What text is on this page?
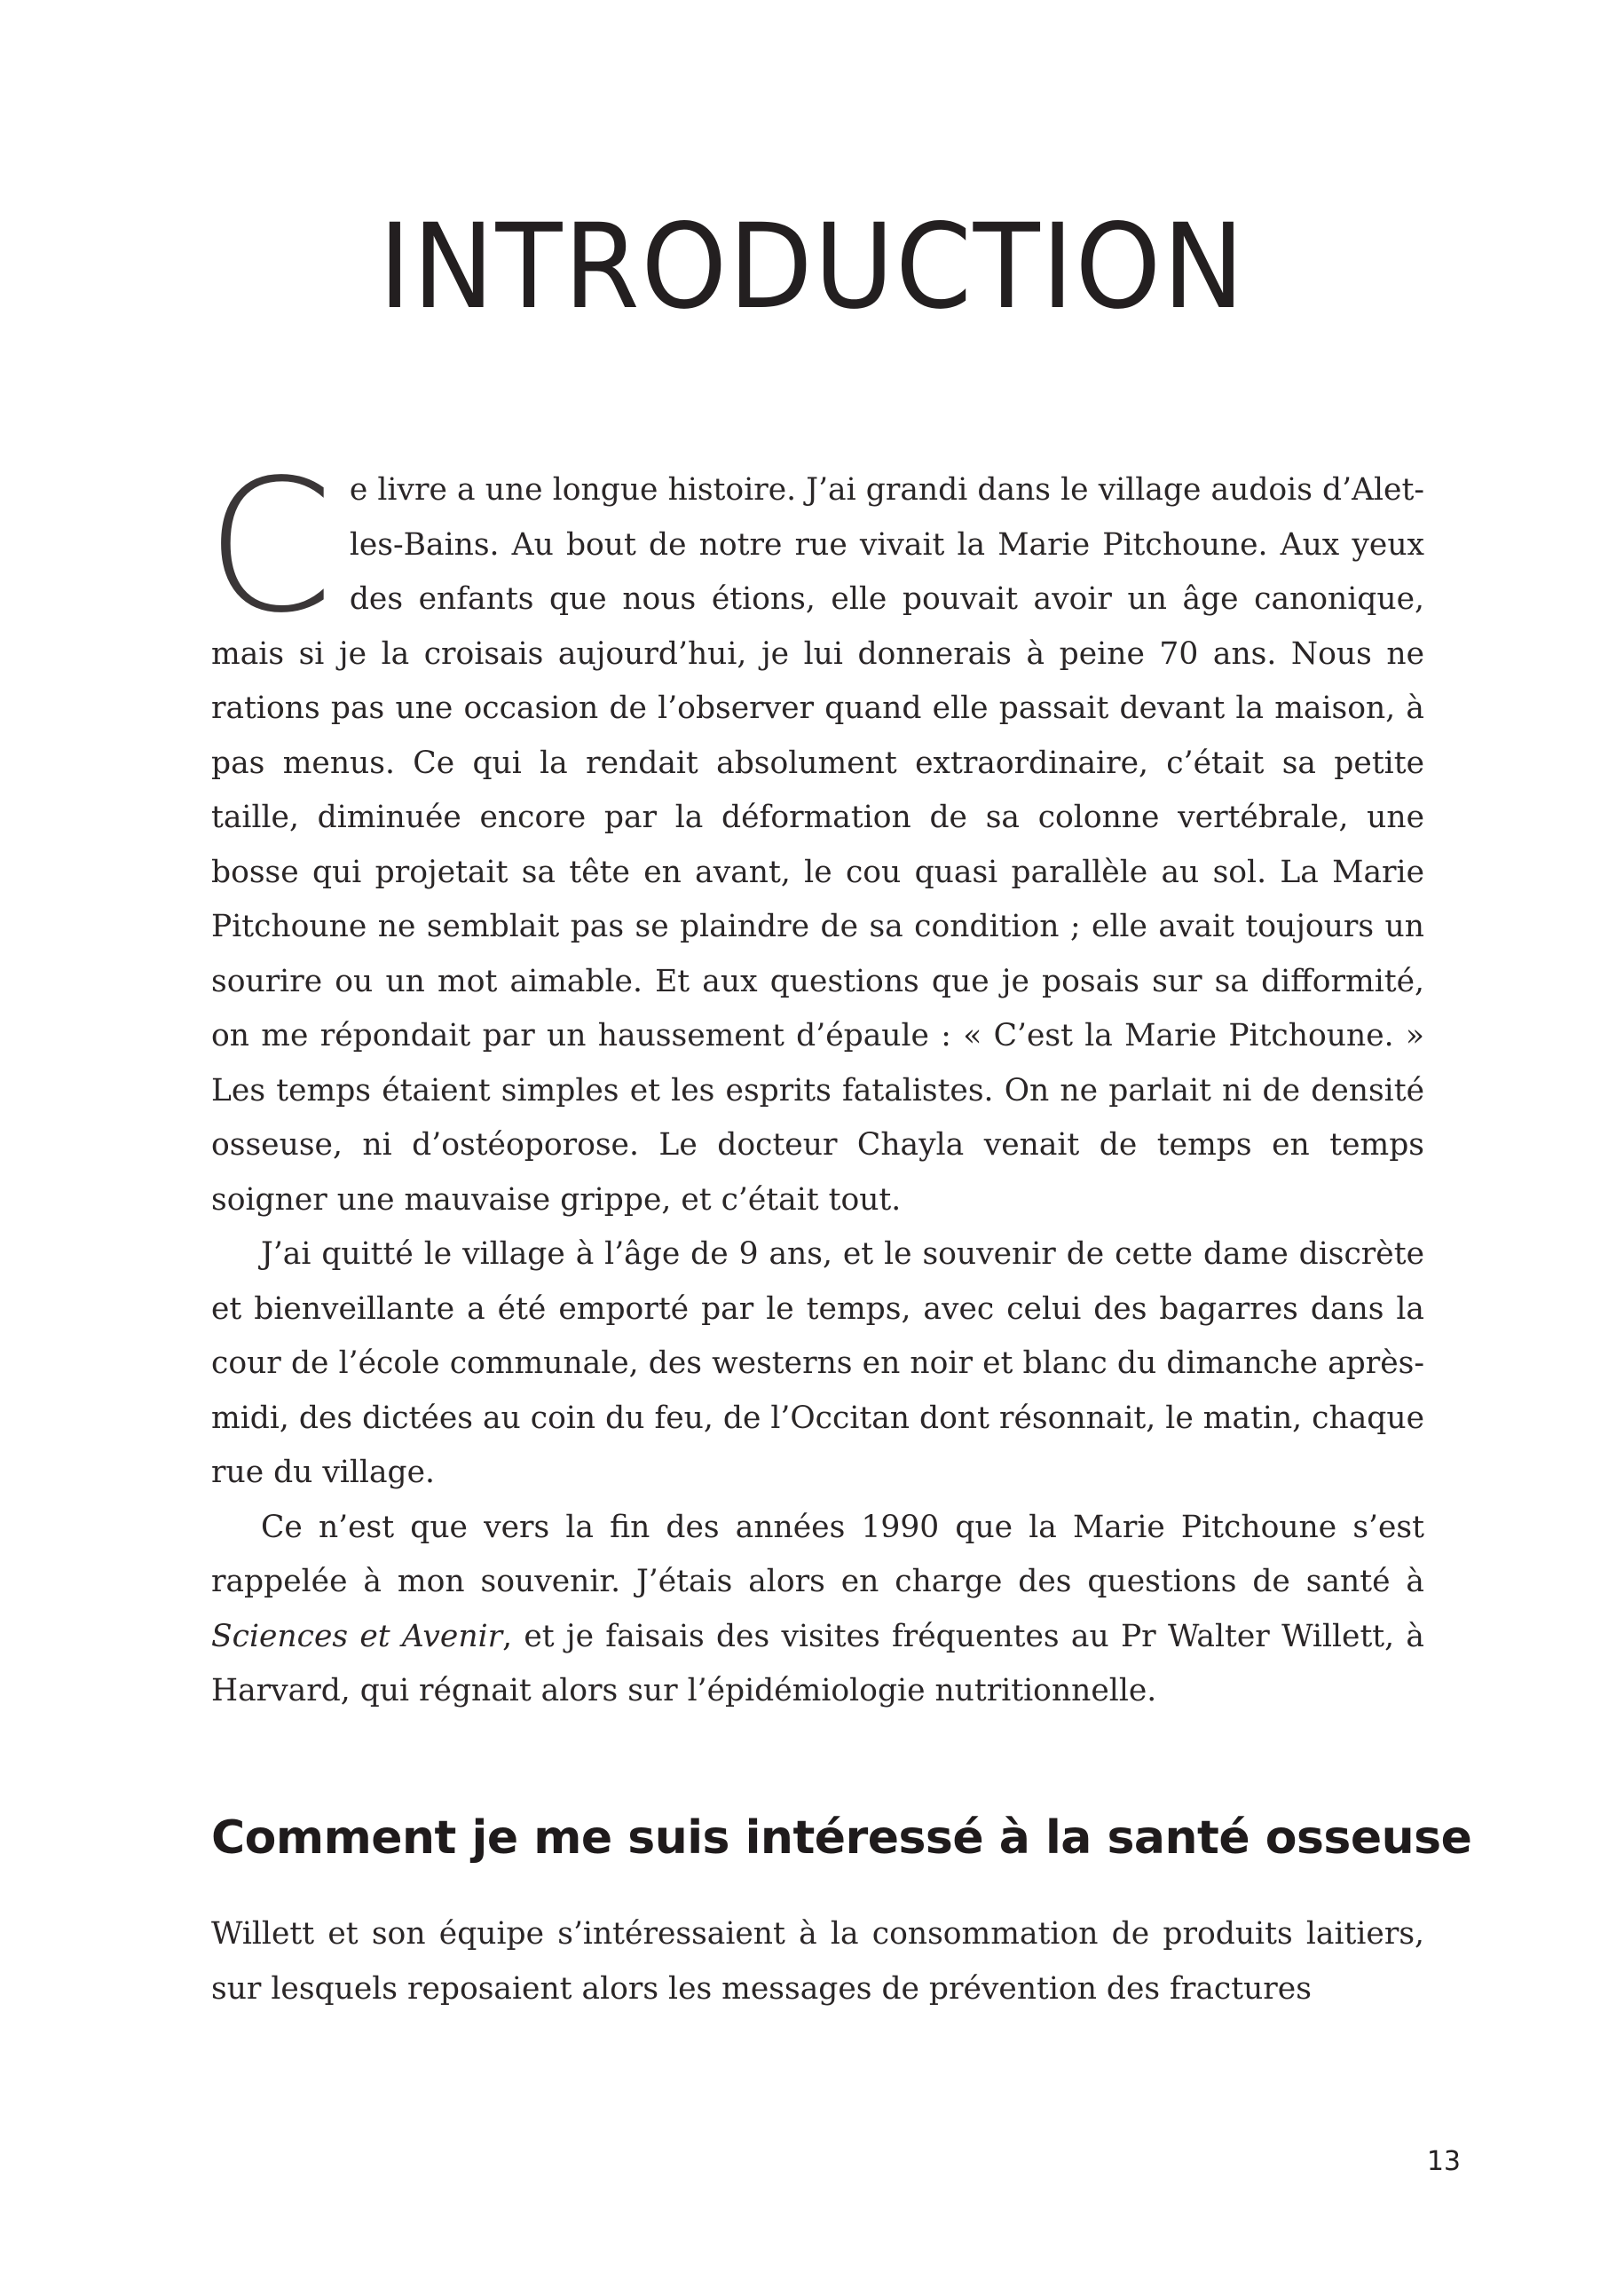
INTRODUCTION

Ce livre a une longue histoire. J’ai grandi dans le village audois d’Alet-les-Bains. Au bout de notre rue vivait la Marie Pitchoune. Aux yeux des enfants que nous étions, elle pouvait avoir un âge canonique, mais si je la croisais aujourd’hui, je lui donnerais à peine 70 ans. Nous ne rations pas une occasion de l’observer quand elle passait devant la maison, à pas menus. Ce qui la rendait absolument extraordinaire, c’était sa petite taille, diminuée encore par la déformation de sa colonne vertébrale, une bosse qui projetait sa tête en avant, le cou quasi parallèle au sol. La Marie Pitchoune ne semblait pas se plaindre de sa condition ; elle avait toujours un sourire ou un mot aimable. Et aux questions que je posais sur sa difformité, on me répondait par un haussement d’épaule : « C’est la Marie Pitchoune. » Les temps étaient simples et les esprits fatalistes. On ne parlait ni de densité osseuse, ni d’ostéoporose. Le docteur Chayla venait de temps en temps soigner une mauvaise grippe, et c’était tout.

J’ai quitté le village à l’âge de 9 ans, et le souvenir de cette dame discrète et bienveillante a été emporté par le temps, avec celui des bagarres dans la cour de l’école communale, des westerns en noir et blanc du dimanche après-midi, des dictées au coin du feu, de l’Occitan dont résonnait, le matin, chaque rue du village.

Ce n’est que vers la fin des années 1990 que la Marie Pitchoune s’est rappelée à mon souvenir. J’étais alors en charge des questions de santé à Sciences et Avenir, et je faisais des visites fréquentes au Pr Walter Willett, à Harvard, qui régnait alors sur l’épidémiologie nutritionnelle.

Comment je me suis intéressé à la santé osseuse

Willett et son équipe s’intéressaient à la consommation de produits laitiers, sur lesquels reposaient alors les messages de prévention des fractures

13
